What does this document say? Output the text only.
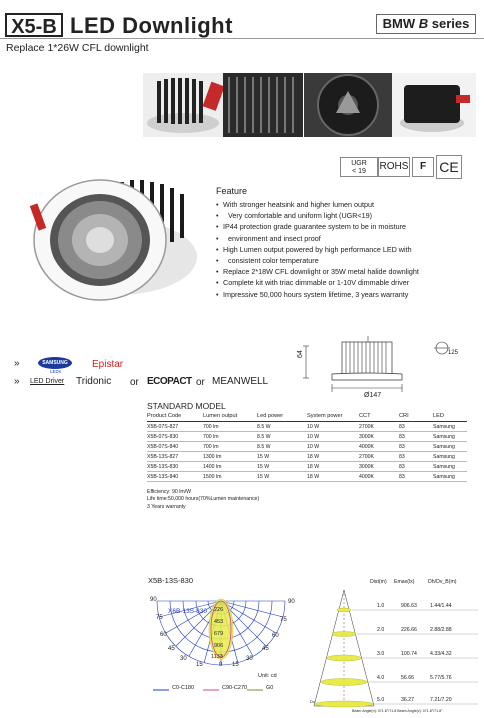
X5-B LED Downlight	BMW B series
Replace 1*26W CFL downlight
UGR
< 19	ROHS	F CE
Feature
• With stronger heatsink and higher lumen output
• Very comfortable and uniform light (UGR<19)
• IP44 protection grade guarantee system to be in moisture
• environment and insect proof
• High Lumen output powered by high performance LED with
• consistent color temperature
• Replace 2*18W CFL downlight or 35W metal halide downlight
• Complete kit with triac dimmable or 1-10V dimmable driver
• Impressive 50,000 hours system lifetime, 3 years warranty
»	SAMSUNG
LEDs
Epistar
» LED Driver Tridonic or ECOPACT or MEANWELL
64
Ø147
125
STANDARD MODEL
Product Code	Lumen output	Led power	System power	CCT	CRI	LED
X5B-07S-827	700 lm	8.5 W	10 W	2700K	83	Samsung
X5B-07S-830	700 lm	8.5 W	10 W	3000K	83	Samsung
X5B-07S-840	700 lm	8.5 W	10 W	4000K	83	Samsung
X5B-13S-827	1300 lm	15 W	18 W	2700K	83	Samsung
X5B-13S-830	1400 lm	15 W	18 W	3000K	83	Samsung
X5B-13S-840	1500 lm	15 W	18 W	4000K	83	Samsung
Efficiency: 90 lm/W
Life time:50,000 hours(70%Lumen maintenance)
3 Years warranty
X5B-13S-830
90
75
60
45
30
15
90
75
60
45
30
15
0
X6B-13S-830 226
453
679
906
1133
Unit: cd
C0-C180	C90-C270	G0
Dist(m) Emax(lx)	Dh/Dv_B(m)
1.0	906.63	1.44/1.44
2.0	226.66	2.88/2.88
3.0	100.74	4.33/4.32
4.0	56.66	5.77/5.76
5.0	36.27	7.21/7.20
Dv
Beam Angle(h): 071.8°/71.8 Beam Angle(v): 071.8°/71.8°
